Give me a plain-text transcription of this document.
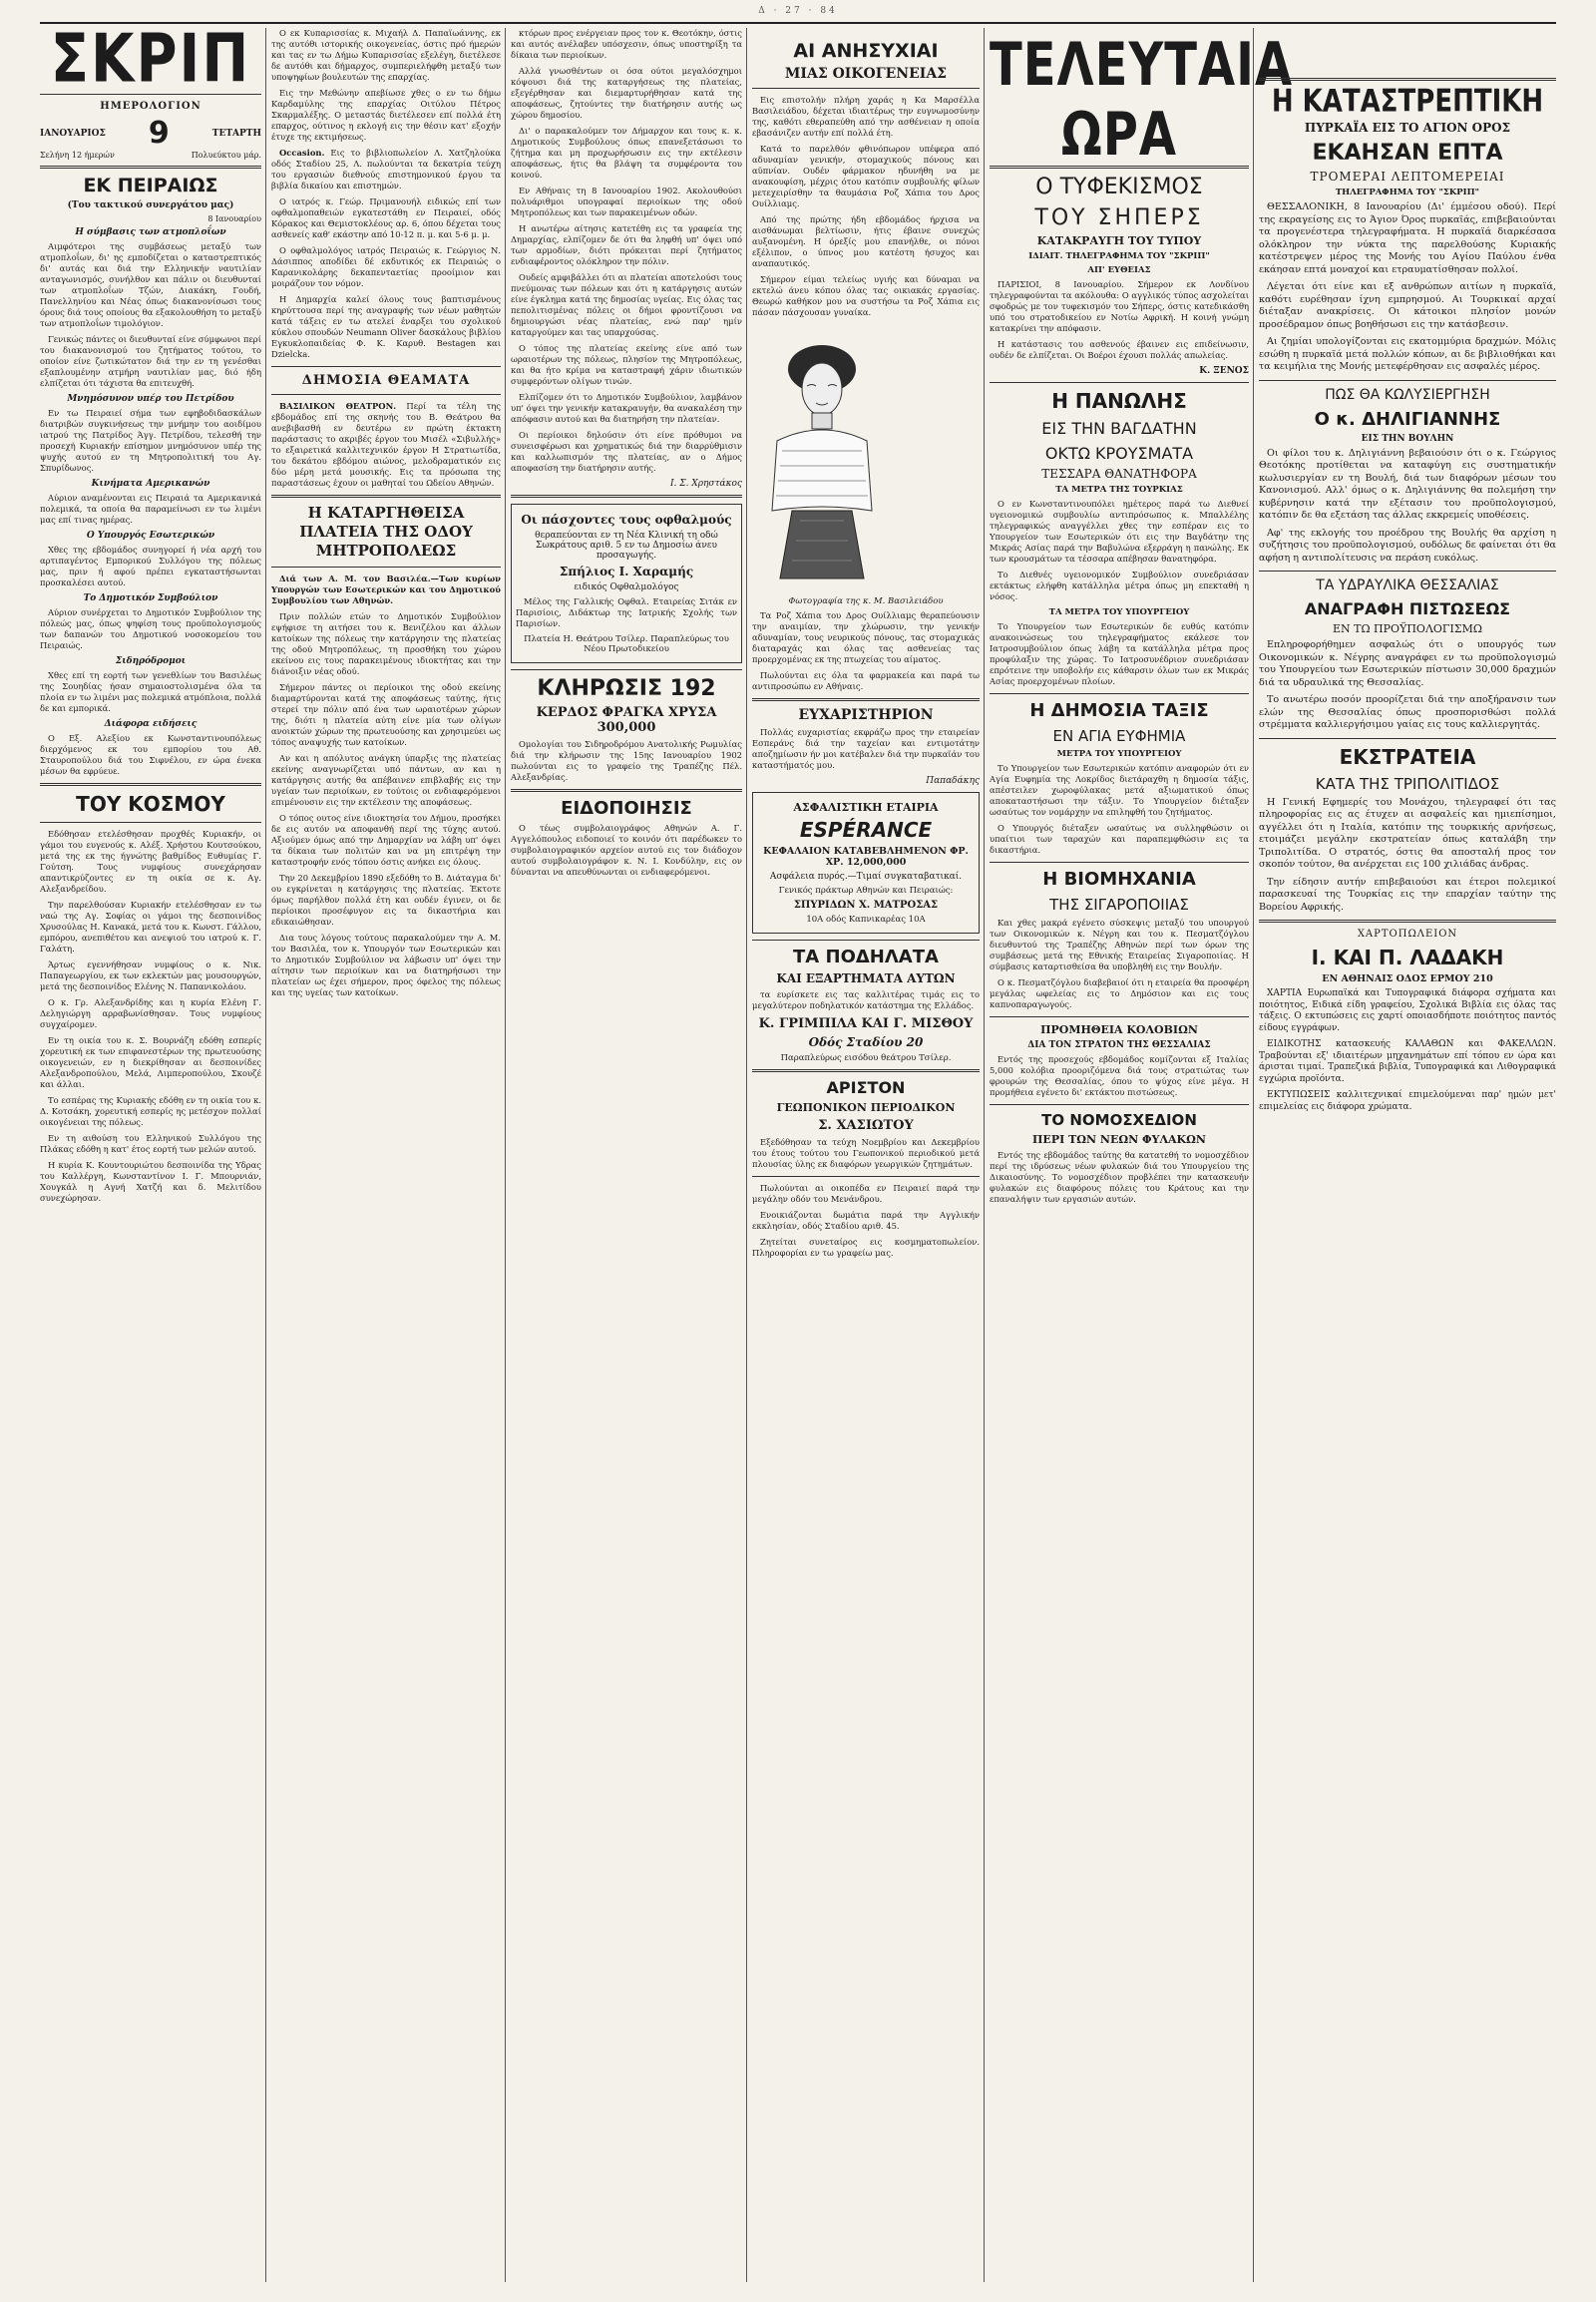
Δ · 27 · 84
ΣΚΡΙΠ
ΗΜΕΡΟΛΟΓΙΟΝ
ΙΑΝΟΥΑΡΙΟΣ 9	ΤΕΤΑΡΤΗ
Σελήνη 12 ήμερών	Πολυεύκτου μάρ.
ΕΚ ΠΕΙΡΑΙΩΣ
(Του τακτικού συνεργάτου μας)
8 Ιανουαρίου
Η σύμβασις των ατμοπλοΐων

Αιμφότεροι της συμβάσεως μεταξύ των ατμοπλοΐων, δι' ης εμποδίζεται ο καταστρεπτικός δι' αυτάς και διά την Ελληνικήν ναυτιλίαν ανταγωνισμός, συνήλθον και πάλιν οι διευθυνταί των ατμοπλοΐων Τζών, Διακάκη, Γουδή, Πανελληνίου και Νέας όπως διακανονίσωσι τους όρους διά τους οποίους θα εξακολουθήση το μεταξύ των ατμοπλοΐων τιμολόγιον.

Γενικώς πάντες οι διευθυνταί είνε σύμφωνοι περί του διακανονισμού του ζητήματος τούτου, το οποίον είνε ζωτικώτατον διά την εν τη γενέσθαι εξαπλουμένην ατμήρη ναυτιλίαν μας, διό ήδη ελπίζεται ότι τάχιστα θα επιτευχθή.

Μνημόσυνον υπέρ του Πετρίδου

Εν τω Πειραιεί σήμα των εφηβοδιδασκάλων διατριβών συγκινήσεως την μνήμην του αοιδίμου ιατρού της Πατρίδος Άγγ. Πετρίδου, τελεσθή την προσεχή Κυριακήν επίσημον μνημόσυνον υπέρ της ψυχής αυτού εν τη Μητροπολιτική του Αγ. Σπυρίδωνος.

Κινήματα Αμερικανών

Αύριον αναμένονται εις Πειραιά τα Αμερικανικά πολεμικά, τα οποία θα παραμείνωσι εν τω λιμένι μας επί τινας ημέρας.

Ο Υπουργός Εσωτερικών

Χθες της εβδομάδος συνηγορεί ή νέα αρχή του αρτιπαγέντος Εμπορικού Συλλόγου της πόλεως μας, πριν ή αφού πρέπει εγκαταστήσωνται προσκαλέσει αυτού.

Το Δημοτικόν Συμβούλιον

Αύριον συνέρχεται το Δημοτικόν Συμβούλιον της πόλεώς μας, όπως ψηφίση τους προϋπολογισμούς των δαπανών του Δημοτικού νοσοκομείου του Πειραιώς.

Σιδηρόδρομοι

Χθες επί τη εορτή των γενεθλίων του Βασιλέως της Σουηδίας ήσαν σημαιοστολισμένα όλα τα πλοία εν τω λιμένι μας πολεμικά ατμόπλοια, πολλά δε και εμπορικά.

Διάφορα ειδήσεις

Ο Εξ. Αλεξίου εκ Κωνσταντινουπόλεως διερχόμενος εκ του εμπορίου του Αθ. Σταυροπούλου διά του Σιφνέλου, εν ώρα ένεκα μέσων θα εφρύευε.

ΤΟΥ ΚΟΣΜΟΥ

Εδόθησαν ετελέσθησαν προχθές Κυριακήν, οι γάμοι του ευγενούς κ. Αλέξ. Χρήστου Κουτσούκου, μετά της εκ της ήγνώτης βαθμίδος Ευθυμίας Γ. Γούτση. Τους νυμφίους συνεχάρησαν απαντικρύζοντες εν τη οικία σε κ. Αγ. Αλεξανδρείδου.

Την παρελθούσαν Κυριακήν ετελέσθησαν εν τω ναώ της Αγ. Σοφίας οι γάμοι της δεσποινίδος Χρυσούλας Η. Κανακά, μετά του κ. Κωνστ. Γάλλου, εμπόρου, ανεπιθέτου και ανεψιού του ιατρού κ. Γ. Γαλάτη.

Άρτως εγεννήθησαν νυμφίους ο κ. Νικ. Παπαγεωργίου, εκ των εκλεκτών μας μουσουργών, μετά της δεσποινίδος Ελένης Ν. Παπανικολάου.

Ο κ. Γρ. Αλεξανδρίδης και η κυρία Ελένη Γ. Δεληγιώργη αρραβωνίσθησαν. Τους νυμφίους συγχαίρομεν.

Εν τη οικία του κ. Σ. Βουρνάζη εδόθη εσπερίς χορευτική εκ των επιφανεστέρων της πρωτευούσης οικογενειών, εν η διεκρίθησαν αι δεσποινίδες Αλεξανδροπούλου, Μελά, Λιμπεροπούλου, Σκουζέ και άλλαι.

Το εσπέρας της Κυριακής εδόθη εν τη οικία του κ. Δ. Κοτσάκη, χορευτική εσπερίς ης μετέσχον πολλαί οικογένειαι της πόλεως.

Εν τη αιθούση του Ελληνικού Συλλόγου της Πλάκας εδόθη η κατ' έτος εορτή των μελών αυτού.

Η κυρία Κ. Κουντουριώτου δεσποινίδα της Υδρας του Καλλέργη, Κωνσταντίνον Ι. Γ. Μπουρνιάν, Χουγκάλ η Αγνή Χατζή και δ. Μελιτίδου συνεχώρησαν.

Ο εκ Κυπαρισσίας κ. Μιχαήλ Δ. Παπαϊωάννης, εκ της αυτόθι ιστορικής οικογενείας, όστις πρό ήμερών και τας εν τω Δήμω Κυπαρισσίας εξελέγη, διετέλεσε δε αυτόθι και δήμαρχος, συμπεριελήφθη μεταξύ των υποψηφίων βουλευτών της επαρχίας.

Εις την Μεθώνην απεβίωσε χθες ο εν τω δήμω Καρδαμύλης της επαρχίας Οιτύλου Πέτρος Σκαρμαλέξης. Ο μεταστάς διετέλεσεν επί πολλά έτη επαρχος, ούτινος η εκλογή εις την θέσιν κατ' εξοχήν έτυχε της εκτιμήσεως.

Occasion. Εις το βιβλιοπωλείον Λ. Χατζηλούκα οδός Σταδίου 25, Λ. πωλούνται τα δεκατρία τεύχη του εργασιών διεθνούς επιστημονικού έργου τα βιβλία δικαίου και επιστημών.

Ο ιατρός κ. Γεώρ. Πριμανουήλ ειδικώς επί των οφθαλμοπαθειών εγκατεστάθη εν Πειραιεί, οδός Κόρακος και Θεμιστοκλέους αρ. 6, όπου δέχεται τους ασθενείς καθ' εκάστην από 10-12 π. μ. και 5-6 μ. μ.

Ο οφθαλμολόγος ιατρός Πειραιώς κ. Γεώργιος Ν. Δάσιππος αποδίδει δέ εκδυτικός εκ Πειραιώς ο Καρανικολάρης δεκαπενταετίας προοίμιον και μοιράζουν τον νόμον.

Η Δημαρχία καλεί όλους τους βαπτισμένους κηρύττουσα περί της αναγραφής των νέων μαθητών κατά τάξεις εν τω ατελεί έναρξει του σχολικού κύκλου σπουδών Neumann Oliver δασκάλους βιβλίου Εγκυκλοπαιδείας Φ. Κ. Καρυθ. Bestagen και Dzielcka.

ΔΗΜΟΣΙΑ ΘΕΑΜΑΤΑ

ΒΑΣΙΛΙΚΟΝ ΘΕΑΤΡΟΝ. Περί τα τέλη της εβδομάδος επί της σκηνής του Β. Θεάτρου θα ανεβιβασθή εν δευτέρω εν πρώτη έκτακτη παράστασις το ακριβές έργον του Μισέλ «Σιβυλλής» το εξαιρετικά καλλιτεχνικόν έργον Η Στρατιωτίδα, του δεκάτου εβδόμου αιώνος, μελοδραματικόν εις δύο μέρη μετά μουσικής. Εις τα πρόσωπα της παραστάσεως έχουν οι μαθηταί του Ωδείου Αθηνών.

Η ΚΑΤΑΡΓΗΘΕΙΣΑ ΠΛΑΤΕΙΑ ΤΗΣ ΟΔΟΥ ΜΗΤΡΟΠΟΛΕΩΣ

Διά των Α. Μ. τον Βασιλέα.—Των κυρίων Υπουργών των Εσωτερικών και του Δημοτικού Συμβουλίου των Αθηνών.

Πριν πολλών ετών το Δημοτικόν Συμβούλιον εψήφισε τη αιτήσει του κ. Βενιζέλου και άλλων κατοίκων της πόλεως την κατάργησιν της πλατείας της οδού Μητροπόλεως, τη προσθήκη του χώρου εκείνου εις τους παρακειμένους ιδιοκτήτας και την διάνοιξιν νέας οδού.

Σήμερον πάντες οι περίοικοι της οδού εκείνης διαμαρτύρονται κατά της αποφάσεως ταύτης, ήτις στερεί την πόλιν από ένα των ωραιοτέρων χώρων της, διότι η πλατεία αύτη είνε μία των ολίγων ανοικτών χώρων της πρωτευούσης και χρησιμεύει ως τόπος αναψυχής των κατοίκων.

Αν και η απόλυτος ανάγκη ύπαρξις της πλατείας εκείνης αναγνωρίζεται υπό πάντων, αν και η κατάργησις αυτής θα απέβαινεν επιβλαβής εις την υγείαν των περιοίκων, εν τούτοις οι ενδιαφερόμενοι επιμένουσιν εις την εκτέλεσιν της αποφάσεως.

Ο τόπος ουτος είνε ιδιοκτησία του Δήμου, προσήκει δε εις αυτόν να αποφανθή περί της τύχης αυτού. Αξιούμεν όμως από την Δημαρχίαν να λάβη υπ' όψει τα δίκαια των πολιτών και να μη επιτρέψη την καταστροφήν ενός τόπου όστις ανήκει εις όλους.

Την 20 Δεκεμβρίου 1890 εξεδόθη το Β. Διάταγμα δι' ου εγκρίνεται η κατάργησις της πλατείας. Έκτοτε όμως παρήλθον πολλά έτη και ουδέν έγινεν, οι δε περίοικοι προσέφυγον εις τα δικαστήρια και εδικαιώθησαν.

Δια τους λόγους τούτους παρακαλούμεν την Α. Μ. τον Βασιλέα, τον κ. Υπουργόν των Εσωτερικών και το Δημοτικόν Συμβούλιον να λάβωσιν υπ' όψει την αίτησιν των περιοίκων και να διατηρήσωσι την πλατείαν ως έχει σήμερον, προς όφελος της πόλεως και της υγείας των κατοίκων.

κτόρων προς ενέργειαν προς τον κ. Θεοτόκην, όστις και αυτός ανέλαβεν υπόσχεσιν, όπως υποστηρίξη τα δίκαια των περιοίκων.

Αλλά γνωσθέντων οι όσα ούτοι μεγαλόσχημοι κόψουσι διά της καταργήσεως της πλατείας, εξεγέρθησαν και διεμαρτυρήθησαν κατά της αποφάσεως, ζητούντες την διατήρησιν αυτής ως χώρου δημοσίου.

Δι' ο παρακαλούμεν τον Δήμαρχον και τους κ. κ. Δημοτικούς Συμβούλους όπως επανεξετάσωσι το ζήτημα και μη προχωρήσωσιν εις την εκτέλεσιν αποφάσεως, ήτις θα βλάψη τα συμφέροντα του κοινού.

Εν Αθήναις τη 8 Ιανουαρίου 1902. Ακολουθούσι πολυάριθμοι υπογραφαί περιοίκων της οδού Μητροπόλεως και των παρακειμένων οδών.

Η ανωτέρω αίτησις κατετέθη εις τα γραφεία της Δημαρχίας, ελπίζομεν δε ότι θα ληφθή υπ' όψει υπό των αρμοδίων, διότι πρόκειται περί ζητήματος ενδιαφέροντος ολόκληρον την πόλιν.

Ουδείς αμφιβάλλει ότι αι πλατείαι αποτελούσι τους πνεύμονας των πόλεων και ότι η κατάργησις αυτών είνε έγκλημα κατά της δημοσίας υγείας. Εις όλας τας πεπολιτισμένας πόλεις οι δήμοι φροντίζουσι να δημιουργώσι νέας πλατείας, ενώ παρ' ημίν καταργούμεν και τας υπαρχούσας.

Ο τόπος της πλατείας εκείνης είνε από των ωραιοτέρων της πόλεως, πλησίον της Μητροπόλεως, και θα ήτο κρίμα να καταστραφή χάριν ιδιωτικών συμφερόντων ολίγων τινών.

Ελπίζομεν ότι το Δημοτικόν Συμβούλιον, λαμβάνον υπ' όψει την γενικήν κατακραυγήν, θα ανακαλέση την απόφασιν αυτού και θα διατηρήση την πλατείαν.

Οι περίοικοι δηλούσιν ότι είνε πρόθυμοι να συνεισφέρωσι και χρηματικώς διά την διαρρύθμισιν και καλλωπισμόν της πλατείας, αν ο Δήμος αποφασίση την διατήρησιν αυτής.

Ι. Σ. Χρηστάκος
Οι πάσχοντες τους οφθαλμούς
θεραπεύονται εν τη Νέα Κλινική τη οδώ Σωκράτους αριθ. 5 εν τω Δημοσίω άνευ προσαγωγής.
Σπήλιος Ι. Χαραμής
ειδικός Οφθαλμολόγος

Μέλος της Γαλλικής Οφθαλ. Εταιρείας Σιτάκ εν Παρισίοις, Διδάκτωρ της Ιατρικής Σχολής των Παρισίων.

Πλατεία Η. Θεάτρου Τσίλερ. Παραπλεύρως του Νέου Πρωτοδικείου
ΚΛΗΡΩΣΙΣ 192
ΚΕΡΔΟΣ ΦΡΑΓΚΑ ΧΡΥΣΑ 300,000

Ομολογίαι του Σιδηροδρόμου Ανατολικής Ρωμυλίας διά την κλήρωσιν της 15ης Ιανουαρίου 1902 πωλούνται εις το γραφείο της Τραπέζης Πέλ. Αλεξανδρίας.

ΕΙΔΟΠΟΙΗΣΙΣ

Ο τέως συμβολαιογράφος Αθηνών Α. Γ. Αγγελόπουλος ειδοποιεί το κοινόν ότι παρέδωκεν το συμβολαιογραφικόν αρχείον αυτού εις τον διάδοχον αυτού συμβολαιογράφον κ. Ν. Ι. Κονδύλην, εις ον δύνανται να απευθύνωνται οι ενδιαφερόμενοι.

ΑΙ ΑΝΗΣΥΧΙΑΙ
ΜΙΑΣ ΟΙΚΟΓΕΝΕΙΑΣ

Εις επιστολήν πλήρη χαράς η Κα Μαρσέλλα Βασιλειάδου, δέχεται ιδιαιτέρως την ευγνωμοσύνην της, καθότι εθεραπεύθη από την ασθένειαν η οποία εβασάνιζεν αυτήν επί πολλά έτη.

Κατά το παρελθόν φθινόπωρον υπέφερα από αδυναμίαν γενικήν, στομαχικούς πόνους και αϋπνίαν. Ουδέν φάρμακον ηδυνήθη να με ανακουφίση, μέχρις ότου κατόπιν συμβουλής φίλων μετεχειρίσθην τα θαυμάσια Ροζ Χάπια του Δρος Ουίλλιαμς.

Από της πρώτης ήδη εβδομάδος ήρχισα να αισθάνωμαι βελτίωσιν, ήτις έβαινε συνεχώς αυξανομένη. Η όρεξίς μου επανήλθε, οι πόνοι εξέλιπον, ο ύπνος μου κατέστη ήσυχος και αναπαυτικός.

Σήμερον είμαι τελείως υγιής και δύναμαι να εκτελώ άνευ κόπου όλας τας οικιακάς εργασίας. Θεωρώ καθήκον μου να συστήσω τα Ροζ Χάπια εις πάσαν πάσχουσαν γυναίκα.

Φωτογραφία της κ. Μ. Βασιλειάδου

Τα Ροζ Χάπια του Δρος Ουίλλιαμς θεραπεύουσιν την αναιμίαν, την χλώρωσιν, την γενικήν αδυναμίαν, τους νευρικούς πόνους, τας στομαχικάς διαταραχάς και όλας τας ασθενείας τας προερχομένας εκ της πτωχείας του αίματος.

Πωλούνται εις όλα τα φαρμακεία και παρά τω αντιπροσώπω εν Αθήναις.

ΕΥΧΑΡΙΣΤΗΡΙΟΝ

Πολλάς ευχαριστίας εκφράζω προς την εταιρείαν Εσπεράνς διά την ταχείαν και εντιμοτάτην αποζημίωσιν ήν μοι κατέβαλεν διά την πυρκαϊάν του καταστήματός μου.

Παπαδάκης
ΑΣΦΑΛΙΣΤΙΚΗ ΕΤΑΙΡΙΑ
ESPÉRANCE
ΚΕΦΑΛΑΙΟΝ ΚΑΤΑΒΕΒΛΗΜΕΝΟΝ ΦΡ. ΧΡ. 12,000,000
Ασφάλεια πυρός.—Τιμαί συγκαταβατικαί.
Γενικός πράκτωρ Αθηνών και Πειραιώς:
ΣΠΥΡΙΔΩΝ Χ. ΜΑΤΡΟΣΑΣ
10Α οδός Καπνικαρέας 10Α
ΤΑ ΠΟΔΗΛΑΤΑ
ΚΑΙ ΕΞΑΡΤΗΜΑΤΑ ΑΥΤΩΝ

τα ευρίσκετε εις τας καλλιτέρας τιμάς εις το μεγαλύτερον ποδηλατικόν κατάστημα της Ελλάδος.

Κ. ΓΡΙΜΠΙΛΑ ΚΑΙ Γ. ΜΙΣΘΟΥ
Οδός Σταδίου 20
Παραπλεύρως εισόδου θεάτρου Τσίλερ.
ΑΡΙΣΤΟΝ
ΓΕΩΠΟΝΙΚΟΝ ΠΕΡΙΟΔΙΚΟΝ
Σ. ΧΑΣΙΩΤΟΥ

Εξεδόθησαν τα τεύχη Νοεμβρίου και Δεκεμβρίου του έτους τούτου του Γεωπονικού περιοδικού μετά πλουσίας ύλης εκ διαφόρων γεωργικών ζητημάτων.

Πωλούνται αι οικοπέδα εν Πειραιεί παρά την μεγάλην οδόν του Μενάνδρου.

Ενοικιάζονται δωμάτια παρά την Αγγλικήν εκκλησίαν, οδός Σταδίου αριθ. 45.

Ζητείται συνεταίρος εις κοσμηματοπωλείον. Πληροφορίαι εν τω γραφείω μας.

ΤΕΛΕΥΤΑΙΑ ΩΡΑ
Ο ΤΥΦΕΚΙΣΜΟΣ
ΤΟΥ ΣΗΠΕΡΣ
ΚΑΤΑΚΡΑΥΓΗ ΤΟΥ ΤΥΠΟΥ
ΙΔΙΑΙΤ. ΤΗΛΕΓΡΑΦΗΜΑ ΤΟΥ "ΣΚΡΙΠ"
ΑΠ' ΕΥΘΕΙΑΣ

ΠΑΡΙΣΙΟΙ, 8 Ιανουαρίου. Σήμερον εκ Λονδίνου τηλεγραφούνται τα ακόλουθα: Ο αγγλικός τύπος ασχολείται σφοδρώς με τον τυφεκισμόν του Σήπερς, όστις κατεδικάσθη υπό του στρατοδικείου εν Νοτίω Αφρική. Η κοινή γνώμη κατακρίνει την απόφασιν.

Η κατάστασις του ασθενούς έβαινεν εις επιδείνωσιν, ουδέν δε ελπίζεται. Οι Βοέροι έχουσι πολλάς απωλείας.

Κ. ΞΕΝΟΣ
Η ΠΑΝΩΛΗΣ
ΕΙΣ ΤΗΝ ΒΑΓΔΑΤΗΝ
ΟΚΤΩ ΚΡΟΥΣΜΑΤΑ
ΤΕΣΣΑΡΑ ΘΑΝΑΤΗΦΟΡΑ
ΤΑ ΜΕΤΡΑ ΤΗΣ ΤΟΥΡΚΙΑΣ

Ο εν Κωνσταντινουπόλει ημέτερος παρά τω Διεθνεί υγειονομικώ συμβουλίω αντιπρόσωπος κ. Μπαλλέλης τηλεγραφικώς αναγγέλλει χθες την εσπέραν εις το Υπουργείον των Εσωτερικών ότι εις την Βαγδάτην της Μικράς Ασίας παρά την Βαβυλώνα εξερράγη η πανώλης. Εκ των κρουσμάτων τα τέσσαρα απέβησαν θανατηφόρα.

Το Διεθνές υγειονομικόν Συμβούλιον συνεδριάσαν εκτάκτως ελήφθη κατάλληλα μέτρα όπως μη επεκταθή η νόσος.

ΤΑ ΜΕΤΡΑ ΤΟΥ ΥΠΟΥΡΓΕΙΟΥ

Το Υπουργείον των Εσωτερικών δε ευθύς κατόπιν ανακοινώσεως του τηλεγραφήματος εκάλεσε τον Ιατροσυμβούλιον όπως λάβη τα κατάλληλα μέτρα προς προφύλαξιν της χώρας. Το Ιατροσυνέδριον συνεδριάσαν επρότεινε την υποβολήν εις κάθαρσιν όλων των εκ Μικράς Ασίας προερχομένων πλοίων.

Η ΔΗΜΟΣΙΑ ΤΑΞΙΣ
ΕΝ ΑΓΙΑ ΕΥΦΗΜΙΑ
ΜΕΤΡΑ ΤΟΥ ΥΠΟΥΡΓΕΙΟΥ

Το Υπουργείον των Εσωτερικών κατόπιν αναφορών ότι εν Αγία Ευφημία της Λοκρίδος διετάραχθη η δημοσία τάξις, απέστειλεν χωροφύλακας μετά αξιωματικού όπως αποκαταστήσωσι την τάξιν. Το Υπουργείον διέταξεν ωσαύτως τον νομάρχην να επιληφθή του ζητήματος.

Ο Υπουργός διέταξεν ωσαύτως να συλληφθώσιν οι υπαίτιοι των ταραχών και παραπεμφθώσιν εις τα δικαστήρια.

Η ΒΙΟΜΗΧΑΝΙΑ
ΤΗΣ ΣΙΓΑΡΟΠΟΙΙΑΣ

Και χθες μακρά εγένετο σύσκεψις μεταξύ του υπουργού των Οικονομικών κ. Νέγρη και του κ. Πεσματζόγλου διευθυντού της Τραπέζης Αθηνών περί των όρων της συμβάσεως μετά της Εθνικής Εταιρείας Σιγαροποιίας. Η σύμβασις καταρτισθείσα θα υποβληθή εις την Βουλήν.

Ο κ. Πεσματζόγλου διαβεβαιοί ότι η εταιρεία θα προσφέρη μεγάλας ωφελείας εις το Δημόσιον και εις τους καπνοπαραγωγούς.

ΠΡΟΜΗΘΕΙΑ ΚΟΛΟΒΙΩΝ
ΔΙΑ ΤΟΝ ΣΤΡΑΤΟΝ ΤΗΣ ΘΕΣΣΑΛΙΑΣ

Εντός της προσεχούς εβδομάδος κομίζονται εξ Ιταλίας 5,000 κολόβια προοριζόμενα διά τους στρατιώτας των φρουρών της Θεσσαλίας, όπου το ψύχος είνε μέγα. Η προμήθεια εγένετο δι' εκτάκτου πιστώσεως.

ΤΟ ΝΟΜΟΣΧΕΔΙΟΝ
ΠΕΡΙ ΤΩΝ ΝΕΩΝ ΦΥΛΑΚΩΝ

Εντός της εβδομάδος ταύτης θα κατατεθή το νομοσχέδιον περί της ιδρύσεως νέων φυλακών διά του Υπουργείου της Δικαιοσύνης. Το νομοσχέδιον προβλέπει την κατασκευήν φυλακών εις διαφόρους πόλεις του Κράτους και την επαναλήψιν των εργασιών αυτών.

Η ΚΑΤΑΣΤΡΕΠΤΙΚΗ
ΠΥΡΚΑΪΑ ΕΙΣ ΤΟ ΑΓΙΟΝ ΟΡΟΣ
ΕΚΑΗΣΑΝ ΕΠΤΑ
ΤΡΟΜΕΡΑΙ ΛΕΠΤΟΜΕΡΕΙΑΙ
ΤΗΛΕΓΡΑΦΗΜΑ ΤΟΥ "ΣΚΡΙΠ"

ΘΕΣΣΑΛΟΝΙΚΗ, 8 Ιανουαρίου (Δι' έμμέσου οδού). Περί της εκραγείσης εις το Άγιον Όρος πυρκαϊάς, επιβεβαιούνται τα προγενέστερα τηλεγραφήματα. Η πυρκαϊά διαρκέσασα ολόκληρον την νύκτα της παρελθούσης Κυριακής κατέστρεψεν μέρος της Μονής του Αγίου Παύλου ένθα εκάησαν επτά μοναχοί και ετραυματίσθησαν πολλοί.

Λέγεται ότι είνε και εξ ανθρώπων αιτίων η πυρκαϊά, καθότι ευρέθησαν ίχνη εμπρησμού. Αι Τουρκικαί αρχαί διέταξαν ανακρίσεις. Οι κάτοικοι πλησίον μονών προσέδραμον όπως βοηθήσωσι εις την κατάσβεσιν.

Αι ζημίαι υπολογίζονται εις εκατομμύρια δραχμών. Μόλις εσώθη η πυρκαϊά μετά πολλών κόπων, αι δε βιβλιοθήκαι και τα κειμήλια της Μονής μετεφέρθησαν εις ασφαλές μέρος.

ΠΩΣ ΘΑ ΚΩΛΥΣΙΕΡΓΗΣΗ
Ο κ. ΔΗΛΙΓΙΑΝΝΗΣ
ΕΙΣ ΤΗΝ ΒΟΥΛΗΝ

Οι φίλοι του κ. Δηλιγιάννη βεβαιούσιν ότι ο κ. Γεώργιος Θεοτόκης προτίθεται να καταφύγη εις συστηματικήν κωλυσιεργίαν εν τη Βουλή, διά των διαφόρων μέσων του Κανονισμού. Αλλ' όμως ο κ. Δηλιγιάννης θα πολεμήση την κυβέρνησιν κατά την εξέτασιν του προϋπολογισμού, κατόπιν δε θα εξετάση τας άλλας εκκρεμείς υποθέσεις.

Αφ' της εκλογής του προέδρου της Βουλής θα αρχίση η συζήτησις του προϋπολογισμού, ουδόλως δε φαίνεται ότι θα αφήση η αντιπολίτευσις να περάση ευκόλως.

ΤΑ ΥΔΡΑΥΛΙΚΑ ΘΕΣΣΑΛΙΑΣ
ΑΝΑΓΡΑΦΗ ΠΙΣΤΩΣΕΩΣ
ΕΝ ΤΩ ΠΡΟΫΠΟΛΟΓΙΣΜΩ

Επληροφορήθημεν ασφαλώς ότι ο υπουργός των Οικονομικών κ. Νέγρης αναγράφει εν τω προϋπολογισμώ του Υπουργείου των Εσωτερικών πίστωσιν 30,000 δραχμών διά τα υδραυλικά της Θεσσαλίας.

Το ανωτέρω ποσόν προορίζεται διά την αποξήρανσιν των ελών της Θεσσαλίας όπως προσπορισθώσι πολλά στρέμματα καλλιεργήσιμου γαίας εις τους καλλιεργητάς.

ΕΚΣΤΡΑΤΕΙΑ
ΚΑΤΑ ΤΗΣ ΤΡΙΠΟΛΙΤΙΔΟΣ

Η Γενική Εφημερίς του Μονάχου, τηλεγραφεί ότι τας πληροφορίας εις ας έτυχεν αι ασφαλείς και ημιεπίσημοι, αγγέλλει ότι η Ιταλία, κατόπιν της τουρκικής αρνήσεως, ετοιμάζει μεγάλην εκστρατείαν όπως καταλάβη την Τριπολιτίδα. Ο στρατός, όστις θα αποσταλή προς τον σκοπόν τούτον, θα ανέρχεται εις 100 χιλιάδας άνδρας.

Την είδησιν αυτήν επιβεβαιούσι και έτεροι πολεμικοί παρασκευαί της Τουρκίας εις την επαρχίαν ταύτην της Βορείου Αφρικής.

ΧΑΡΤΟΠΩΛΕΙΟΝ
Ι. ΚΑΙ Π. ΛΑΔΑΚΗ
ΕΝ ΑΘΗΝΑΙΣ ΟΔΟΣ ΕΡΜΟΥ 210

ΧΑΡΤΙΑ Ευρωπαϊκά και Τυπογραφικά διάφορα σχήματα και ποιότητος, Ειδικά είδη γραφείου, Σχολικά Βιβλία εις όλας τας τάξεις. Ο εκτυπώσεις εις χαρτί οποιασδήποτε ποιότητος παντός είδους εγγράφων.

ΕΙΔΙΚΟΤΗΣ κατασκευής ΚΑΛΑΘΩΝ και ΦΑΚΕΛΛΩΝ. Τραβούνται εξ' ιδιαιτέρων μηχανημάτων επί τόπου εν ώρα και άρισται τιμαί. Τραπεζικά βιβλία, Τυπογραφικά και Λιθογραφικά εγχώρια προϊόντα.

ΕΚΤΥΠΩΣΕΙΣ καλλιτεχνικαί επιμελούμεναι παρ' ημών μετ' επιμελείας εις διάφορα χρώματα.
